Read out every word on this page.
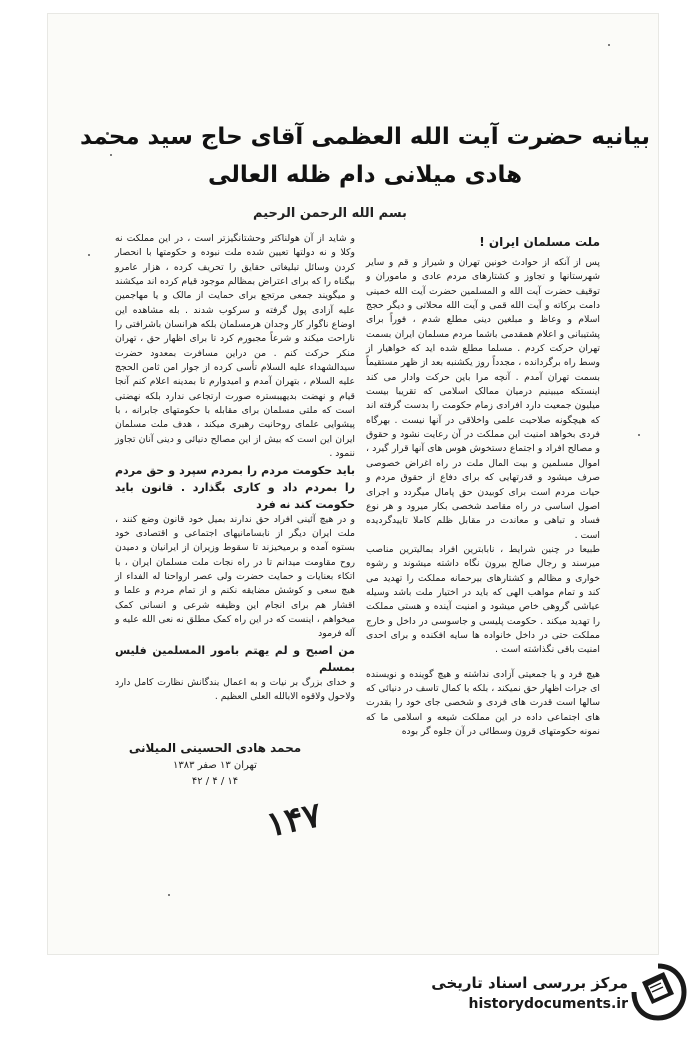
بیانیه حضرت آیت الله العظمی آقای حاج سید محمد هادی میلانی دام ظله العالی
بسم الله الرحمن الرحیم

ملت مسلمان ایران !

پس از آنکه از حوادث خونین تهران و شیراز و قم و سایر شهرستانها و تجاوز و کشتارهای مردم عادی و ماموران و توقیف حضرت آیت الله و المسلمین حضرت آیت الله خمینی دامت برکاته و آیت الله قمی و آیت الله محلاتی و دیگر حجج اسلام و وعاظ و مبلغین دینی مطلع شدم ، فوراً برای پشتیبانی و اعلام همقدمی باشما مردم مسلمان ایران بسمت تهران حرکت کردم . مسلما مطلع شده اید که خواهیار از وسط راه برگردانده ، مجدداً روز یکشنبه بعد از ظهر مستقیماً بسمت تهران آمدم . آنچه مرا باین حرکت وادار می کند اینستکه میبینیم درمیان ممالک اسلامی که تقریبا بیست میلیون جمعیت دارد افرادی زمام حکومت را بدست گرفته اند که هیچگونه صلاحیت علمی واخلاقی در آنها نیست . بهرگاه فردی بخواهد امنیت این مملکت در آن رعایت نشود و حقوق و مصالح افراد و اجتماع دستخوش هوس های آنها قرار گیرد ، اموال مسلمین و بیت المال ملت در راه اغراض خصوصی صرف میشود و قدرتهایی که برای دفاع از حقوق مردم و حیات مردم است برای کوبیدن حق پامال میگردد و اجرای اصول اساسی در راه مقاصد شخصی بکار میرود و هر نوع فساد و تباهی و معاندت در مقابل ظلم کاملا تاییدگردیده است .

طبیعا در چنین شرایط ، نابابترین افراد بمالیترین مناصب میرسند و رجال صالح بیرون نگاه داشته میشوند و رشوه خواری و مظالم و کشتارهای بیرحمانه مملکت را تهدید می کند و تمام مواهب الهی که باید در اختیار ملت باشد وسیله عیاشی گروهی خاص میشود و امنیت آینده و هستی مملکت را تهدید میکند . حکومت پلیسی و جاسوسی در داخل و خارج مملکت حتی در داخل خانواده ها سایه افکنده و برای احدی امنیت باقی نگذاشته است .

هیچ فرد و یا جمعیتی آزادی نداشته و هیچ گوینده و نویسنده ای جرات اظهار حق نمیکند ، بلکه با کمال تاسف در دنیائی که سالها است قدرت های فردی و شخصی جای خود را بقدرت های اجتماعی داده در این مملکت شیعه و اسلامی ما که نمونه حکومتهای قرون وسطائی در آن جلوه گر بوده

و شاید از آن هولناکتر وحشتانگیزتر است ، در این مملکت نه وکلا و نه دولتها تعیین شده ملت نبوده و حکومتها با انحصار کردن وسائل تبلیغاتی حقایق را تحریف کرده ، هزار عامرو بیگناه را که برای اعتراض بمظالم موجود قیام کرده اند میکشند و میگویند جمعی مرتجع برای حمایت از مالک و یا مهاجمین علیه آزادی پول گرفته و سرکوب شدند . بله مشاهده این اوضاع ناگوار کار وجدان هرمسلمان بلکه هرانسان باشرافتی را ناراحت میکند و شرعاً مجبورم کرد تا برای اظهار حق ، تهران منکر حرکت کنم . من دراین مسافرت بمعدود حضرت سیدالشهداء علیه السلام تأسی کرده از جوار امن ثامن الحجج علیه السلام ، بتهران آمدم و امیدوارم تا بمدینه اعلام کنم آنجا قیام و نهضت بدیهیبستره صورت ارتجاعی ندارد بلکه نهضتی است که ملتی مسلمان برای مقابله با حکومتهای جابرانه ، با پیشوایی علمای روحانیت رهبری میکند ، هدف ملت مسلمان ایران این است که بیش از این مصالح دنیائی و دینی آنان تجاوز ننمود .

باید حکومت مردم را بمردم سپرد و حق مردم را بمردم داد و کاری بگذارد . قانون باید حکومت کند نه فرد

و در هیچ آئینی افراد حق ندارند بمیل خود قانون وضع کنند ، ملت ایران دیگر از نابسامانیهای اجتماعی و اقتصادی خود بستوه آمده و برمیخیزند تا سقوط وزیران از ایرانیان و دمیدن روح مقاومت میدانم تا در راه نجات ملت مسلمان ایران ، با اتکاء بعنایات و حمایت حضرت ولی عصر ارواحنا له الفداء از هیچ سعی و کوشش مضایقه نکنم و از تمام مردم و علما و اقشار هم برای انجام این وظیفه شرعی و انسانی کمک میخواهم ، اینست که در این راه کمک مطلق نه نعی الله علیه و آله فرمود

من اصبح و لم یهتم بامور المسلمین فلیس بمسلم

و خدای بزرگ بر نیات و به اعمال بندگانش نظارت کامل دارد ولاحول ولاقوه الابالله العلی العظیم .

محمد هادی الحسینی المیلانی
تهران ۱۳ صفر ۱۳۸۳
۱۴ / ۴ / ۴۲
۱۴۷
مرکز بررسی اسناد تاریخی
historydocuments.ir
